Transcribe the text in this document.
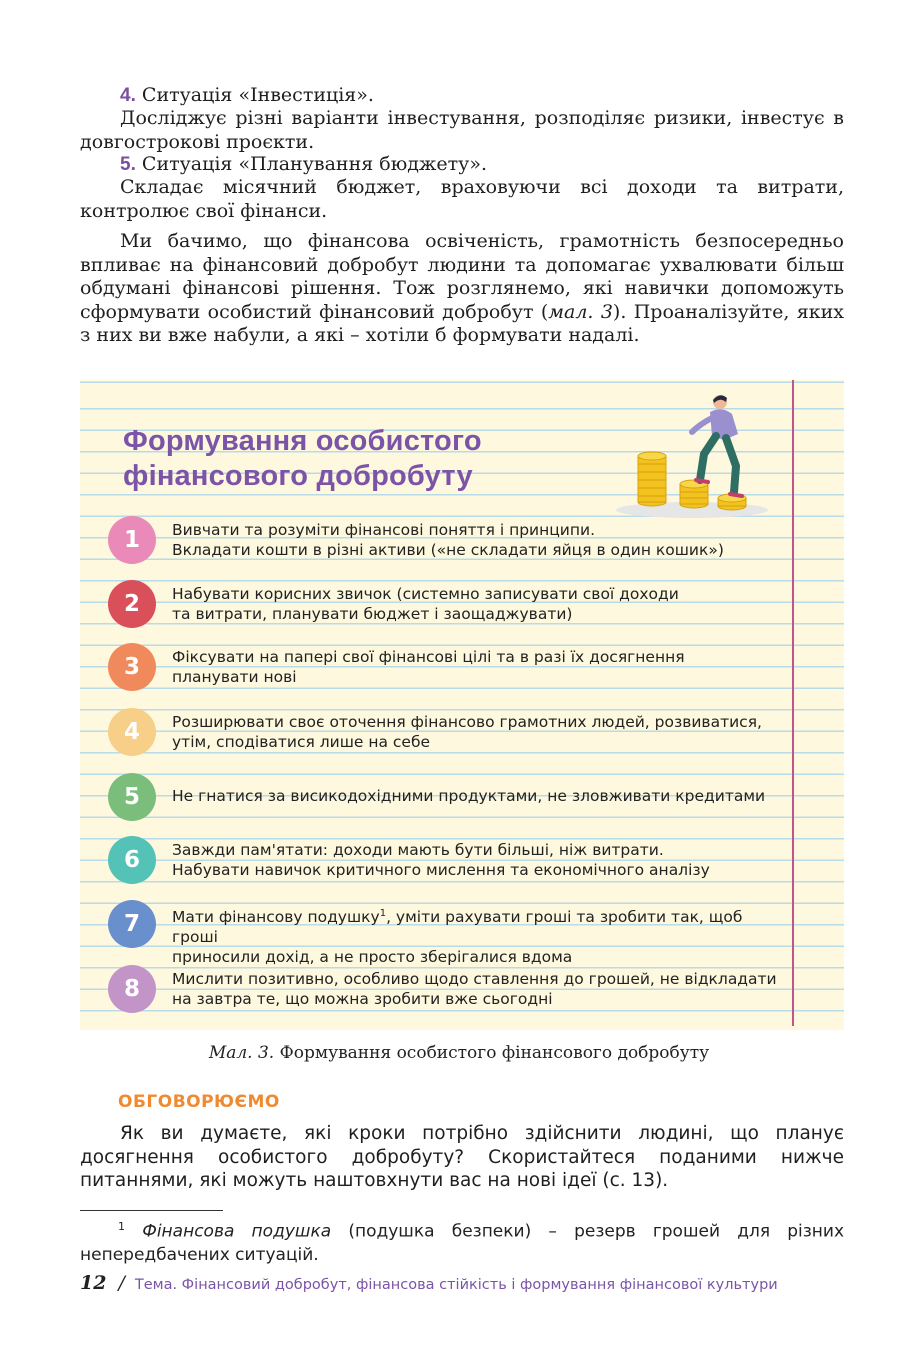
4. Ситуація «Інвестиція».
Досліджує різні варіанти інвестування, розподіляє ризики, інвестує в довгострокові проєкти.
5. Ситуація «Планування бюджету».
Складає місячний бюджет, враховуючи всі доходи та витрати, контролює свої фінанси.
Ми бачимо, що фінансова освіченість, грамотність безпосередньо впливає на фінансовий добробут людини та допомагає ухвалювати більш обдумані фінансові рішення. Тож розглянемо, які навички допоможуть сформувати особистий фінансовий добробут (мал. 3). Проаналізуйте, яких з них ви вже набули, а які – хотіли б формувати надалі.
Формування особистого
фінансового добробуту
1	Вивчати та розуміти фінансові поняття і принципи.
Вкладати кошти в різні активи («не складати яйця в один кошик»)
2	Набувати корисних звичок (системно записувати свої доходи
та витрати, планувати бюджет і заощаджувати)
3	Фіксувати на папері свої фінансові цілі та в разі їх досягнення
планувати нові
4	Розширювати своє оточення фінансово грамотних людей, розвиватися,
утім, сподіватися лише на себе
5	Не гнатися за висикодохідними продуктами, не зловживати кредитами
6	Завжди пам'ятати: доходи мають бути більші, ніж витрати.
Набувати навичок критичного мислення та економічного аналізу
7	Мати фінансову подушку$^1$, уміти рахувати гроші та зробити так, щоб гроші
приносили дохід, а не просто зберігалися вдома
8	Мислити позитивно, особливо щодо ставлення до грошей, не відкладати
на завтра те, що можна зробити вже сьогодні
Мал. 3. Формування особистого фінансового добробуту
ОБГОВОРЮЄМО
Як ви думаєте, які кроки потрібно здійснити людині, що планує досягнення особистого добробуту? Скористайтеся поданими нижче питаннями, які можуть наштовхнути вас на нові ідеї (с. 13).
$^1$ Фінансова подушка (подушка безпеки) – резерв грошей для різних непередбачених ситуацій.
12 / Тема. Фінансовий добробут, фінансова стійкість і формування фінансової культури
